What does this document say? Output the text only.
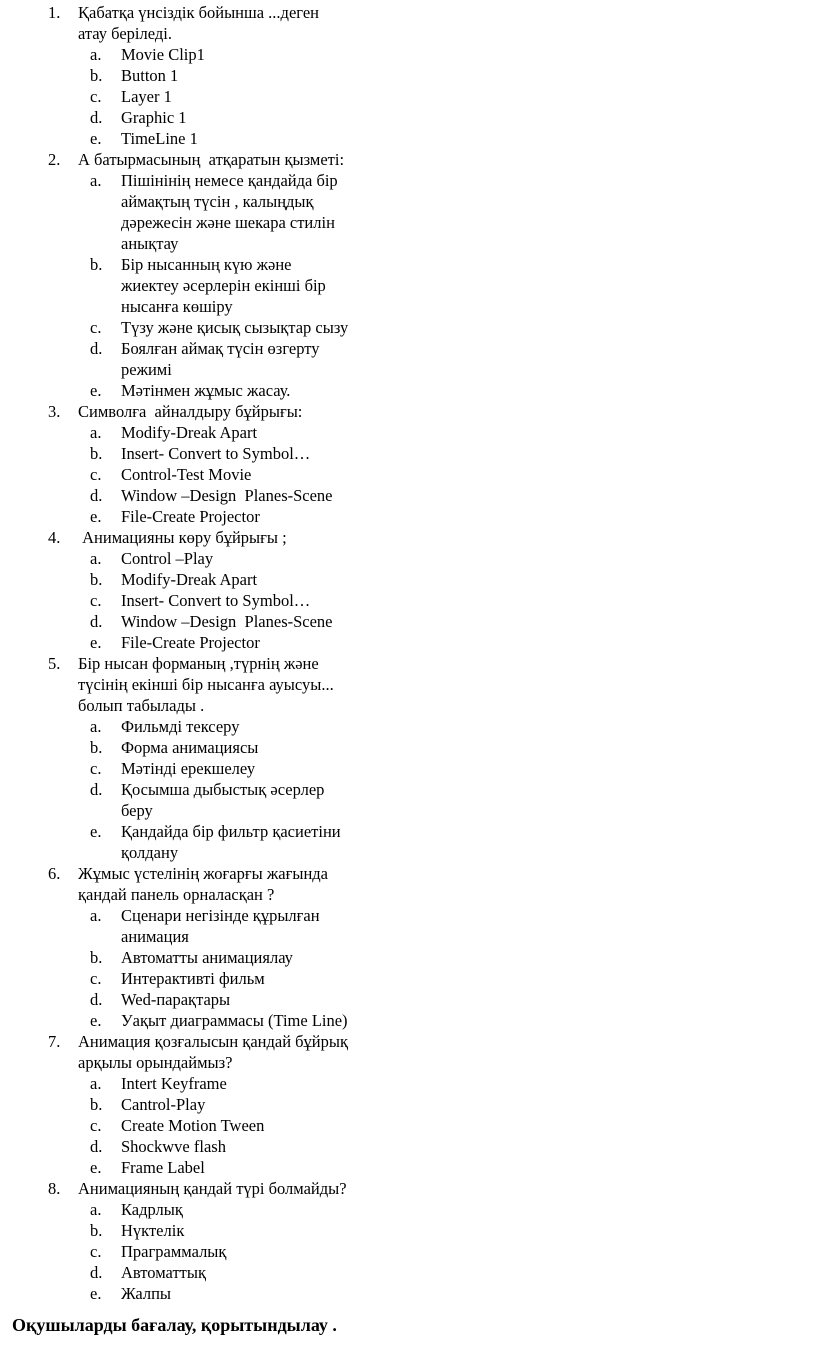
1.	Қабатқа үнсіздік бойынша ...деген
атау беріледі.
a.	Movie Clip1
b.	Button 1
c.	Layer 1
d.	Graphic 1
e.	TimeLine 1
2.	А батырмасының  атқаратын қызметі:
a.	Пішінінің немесе қандайда бір
аймақтың түсін , калыңдық
дәрежесін және шекара стилін
анықтау
b.	Бір нысанның күю және
жиектеу әсерлерін екінші бір
нысанға көшіру
c.	Түзу және қисық сызықтар сызу
d.	Боялған аймақ түсін өзгерту
режимі
e.	Мәтінмен жұмыс жасау.
3.	Символға  айналдыру бұйрығы:
a.	Modify-Dreak Apart
b.	Insert- Convert to Symbol…
c.	Control-Test Movie
d.	Window –Design  Planes-Scene
e.	File-Create Projector
4.	Анимацияны көру бұйрығы ;
a.	Control –Play
b.	Modify-Dreak Apart
c.	Insert- Convert to Symbol…
d.	Window –Design  Planes-Scene
e.	File-Create Projector
5.	Бір нысан форманың ,түрнің және
түсінің екінші бір нысанға ауысуы...
болып табылады .
a.	Фильмді тексеру
b.	Форма анимациясы
c.	Мәтінді ерекшелеу
d.	Қосымша дыбыстық әсерлер
беру
e.	Қандайда бір фильтр қасиетіни
қолдану
6.	Жұмыс үстелінің жоғарғы жағында
қандай панель орналасқан ?
a.	Сценари негізінде құрылған
анимация
b.	Автоматты анимациялау
c.	Интерактивті фильм
d.	Wed-парақтары
e.	Уақыт диаграммасы (Time Line)
7.	Анимация қозғалысын қандай бұйрық
арқылы орындаймыз?
a.	Intert Keyframe
b.	Cantrol-Play
c.	Create Motion Tween
d.	Shockwve flash
e.	Frame Label
8.	Анимацияның қандай түрі болмайды?
a.	Кадрлық
b.	Нүктелік
c.	Праграммалық
d.	Автоматтық
e.	Жалпы
Оқушыларды бағалау, қорытындылау .
